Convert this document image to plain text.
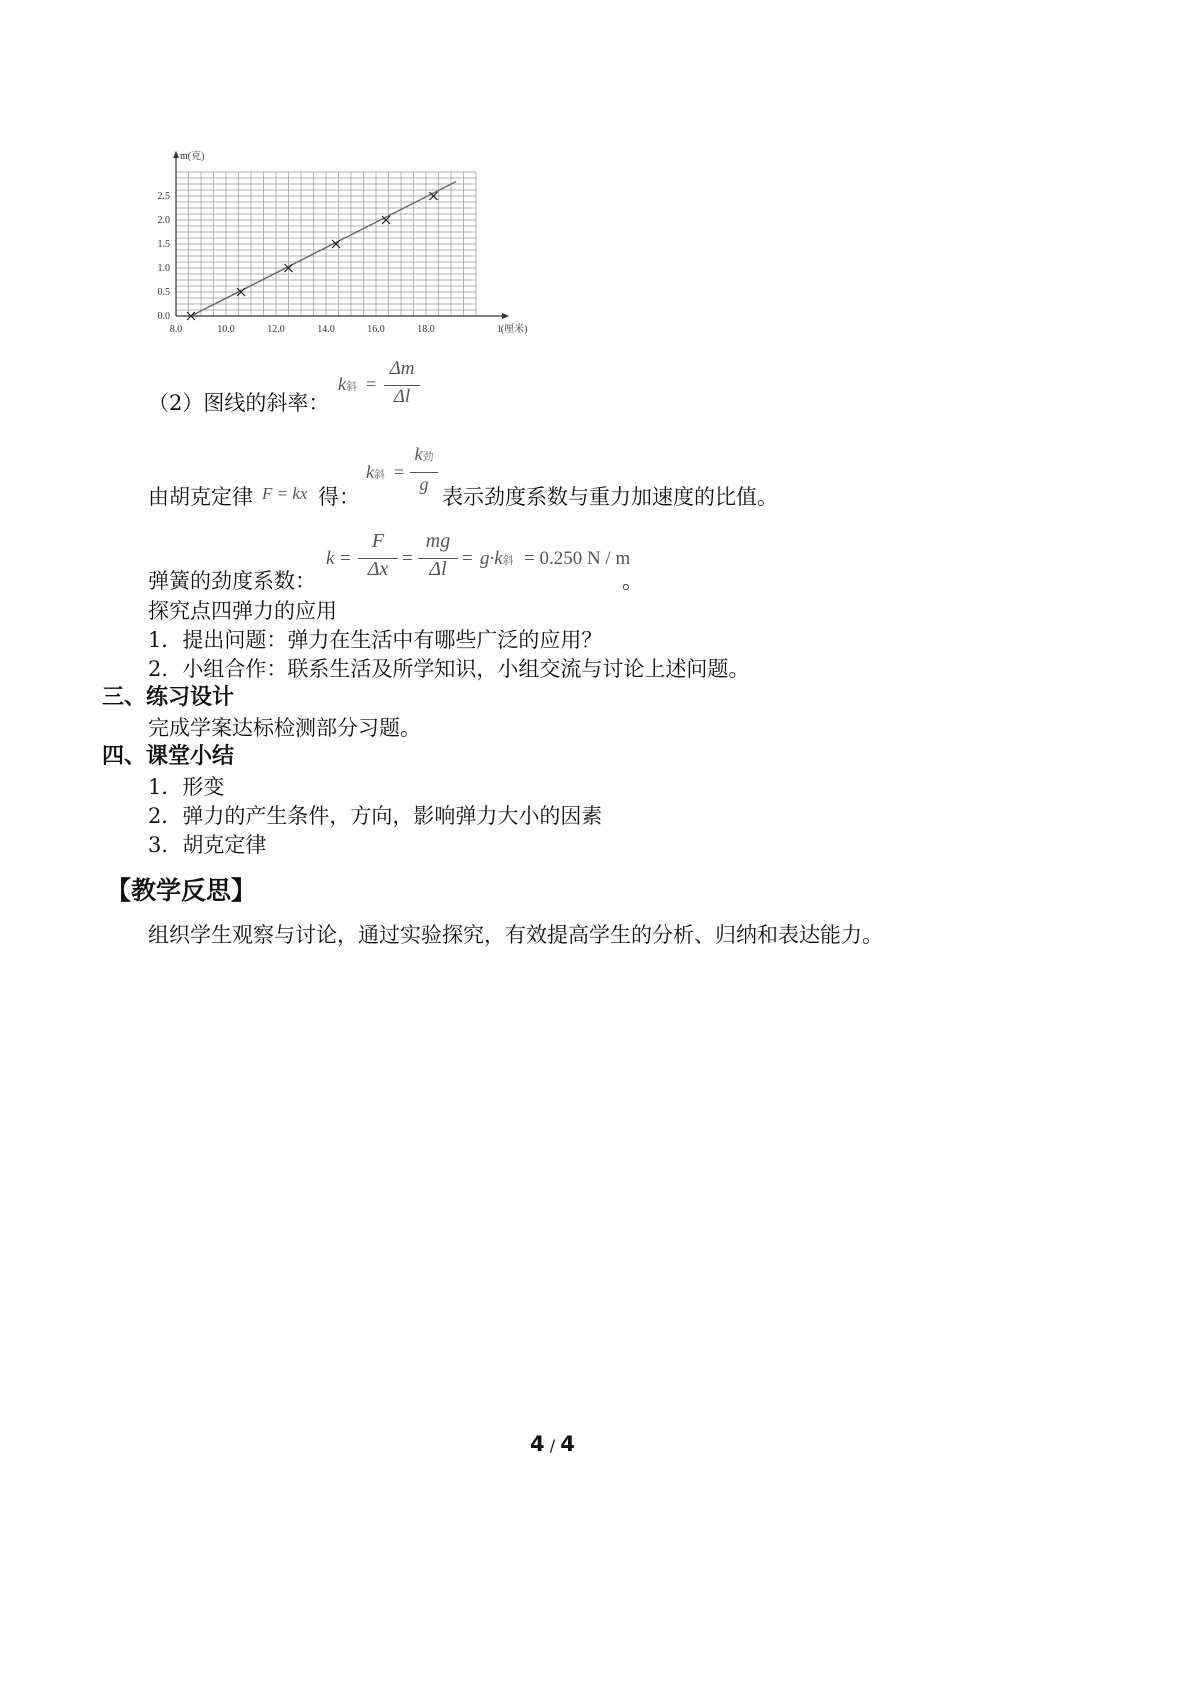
8.0	10.0	12.0	14.0	16.0	18.0
0.0
0.5
1.0
1.5
2.0
2.5
l(厘米)
m(克)
（2）图线的斜率：
k斜 =
Δm
Δl
由胡克定律 F = kx 得：
k斜 =
k劲
g
表示劲度系数与重力加速度的比值。
弹簧的劲度系数：
k =
F
Δx =
mg
Δl = g·k斜 = 0.250 N / m
。
探究点四弹力的应用
1．提出问题：弹力在生活中有哪些广泛的应用？
2．小组合作：联系生活及所学知识，小组交流与讨论上述问题。
三、练习设计
完成学案达标检测部分习题。
四、课堂小结
1．形变
2．弹力的产生条件，方向，影响弹力大小的因素
3．胡克定律
【教学反思】
组织学生观察与讨论，通过实验探究，有效提高学生的分析、归纳和表达能力。
4 / 4
